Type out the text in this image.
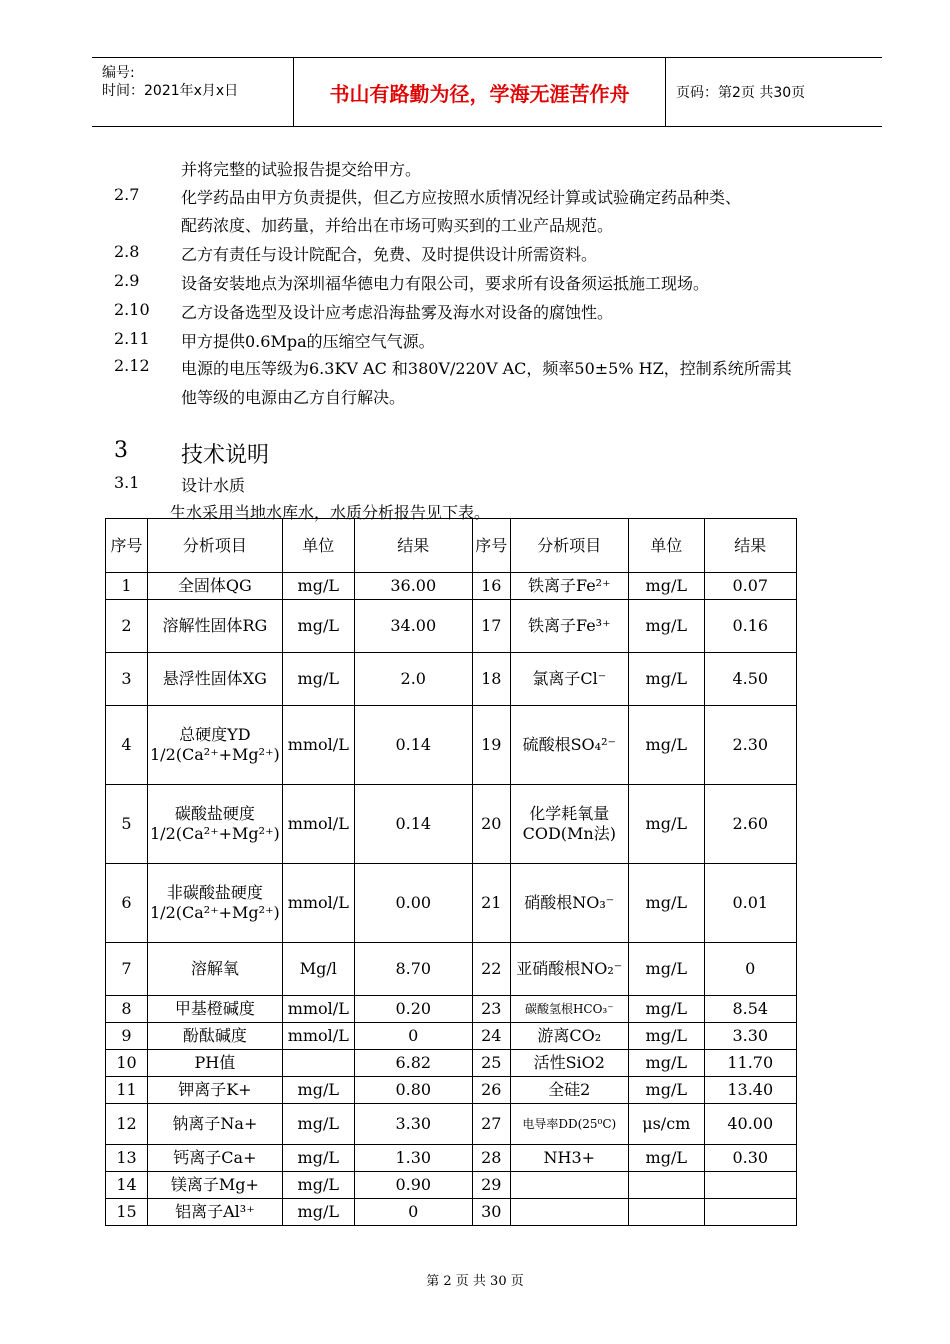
编号:
时间：2021年x月x日	书山有路勤为径，学海无涯苦作舟	页码：第2页 共30页
并将完整的试验报告提交给甲方。
2.7	化学药品由甲方负责提供，但乙方应按照水质情况经计算或试验确定药品种类、
配药浓度、加药量，并给出在市场可购买到的工业产品规范。
2.8	乙方有责任与设计院配合，免费、及时提供设计所需资料。
2.9	设备安装地点为深圳福华德电力有限公司，要求所有设备须运抵施工现场。
2.10 乙方设备选型及设计应考虑沿海盐雾及海水对设备的腐蚀性。
2.11 甲方提供0.6Mpa的压缩空气气源。
2.12 电源的电压等级为6.3KV AC 和380V/220V AC，频率50±5% HZ，控制系统所需其
他等级的电源由乙方自行解决。
3 技术说明
3.1	设计水质
生水采用当地水库水，水质分析报告见下表。
序号	分析项目	单位	结果	序号	分析项目	单位	结果
1	全固体QG	mg/L	36.00	16	铁离子Fe²⁺	mg/L	0.07
2	溶解性固体RG	mg/L	34.00	17	铁离子Fe³⁺	mg/L	0.16
3	悬浮性固体XG	mg/L	2.0	18	氯离子Cl⁻	mg/L	4.50
4	总硬度YD 1/2(Ca²⁺+Mg²⁺)	mmol/L	0.14	19	硫酸根SO₄²⁻	mg/L	2.30
5	碳酸盐硬度 1/2(Ca²⁺+Mg²⁺)	mmol/L	0.14	20	化学耗氧量COD(Mn法)	mg/L	2.60
6	非碳酸盐硬度 1/2(Ca²⁺+Mg²⁺)	mmol/L	0.00	21	硝酸根NO₃⁻	mg/L	0.01
7	溶解氧	Mg/l	8.70	22	亚硝酸根NO₂⁻	mg/L	0
8	甲基橙碱度	mmol/L	0.20	23	碳酸氢根HCO₃⁻	mg/L	8.54
9	酚酞碱度	mmol/L	0	24	游离CO₂	mg/L	3.30
10	PH值		6.82	25	活性SiO2	mg/L	11.70
11	钾离子K+	mg/L	0.80	26	全硅2	mg/L	13.40
12	钠离子Na+	mg/L	3.30	27	电导率DD(25⁰C)	μs/cm	40.00
13	钙离子Ca+	mg/L	1.30	28	NH3+	mg/L	0.30
14	镁离子Mg+	mg/L	0.90	29			
15	铝离子Al³⁺	mg/L	0	30			
第 2 页 共 30 页
